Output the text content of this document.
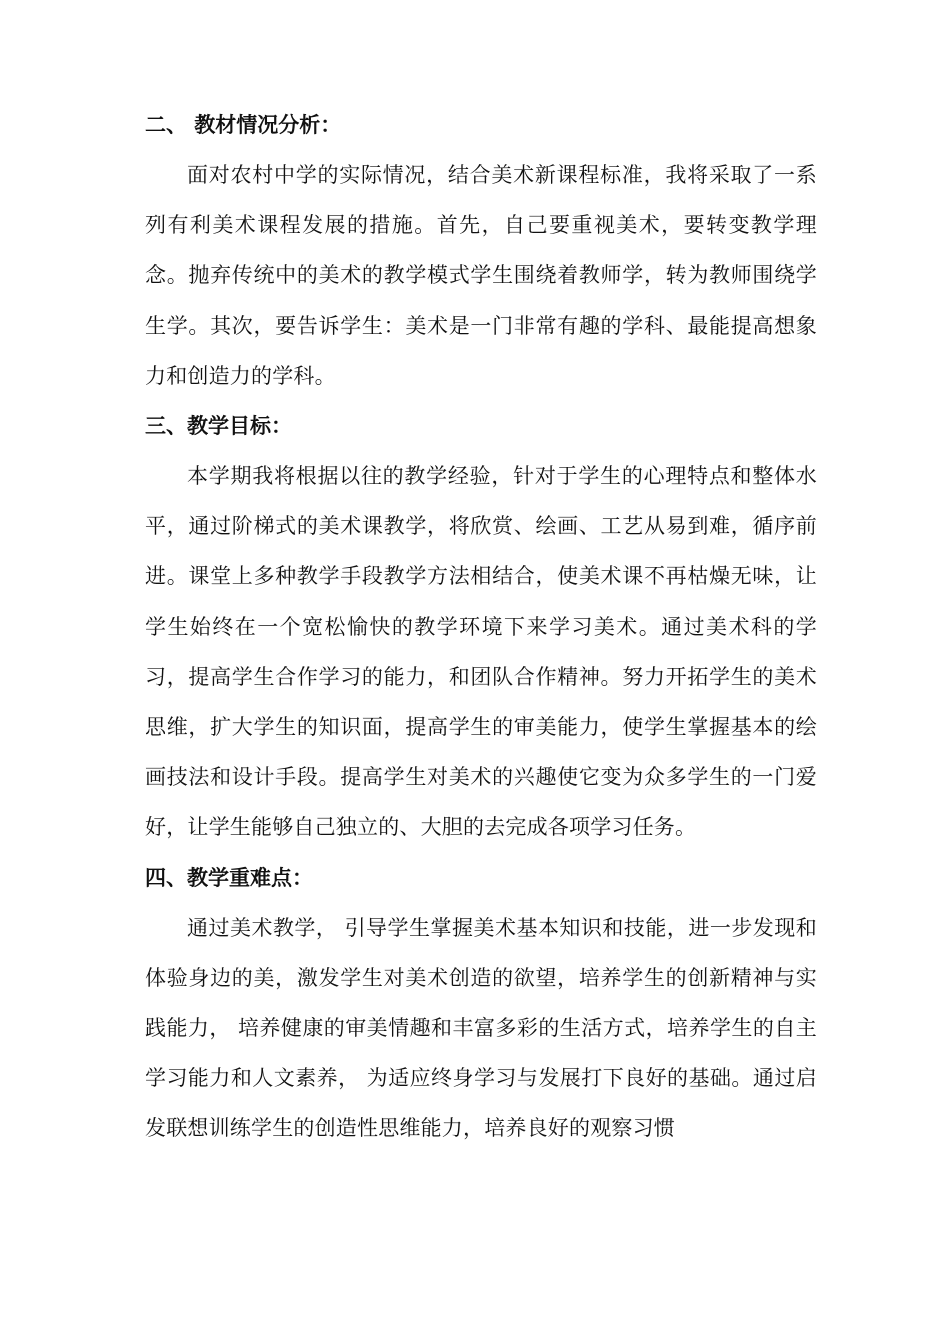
二、 教材情况分析：

面对农村中学的实际情况，结合美术新课程标准，我将采取了一系列有利美术课程发展的措施。首先，自己要重视美术，要转变教学理念。抛弃传统中的美术的教学模式学生围绕着教师学，转为教师围绕学生学。其次，要告诉学生：美术是一门非常有趣的学科、最能提高想象力和创造力的学科。

三、教学目标：

本学期我将根据以往的教学经验，针对于学生的心理特点和整体水平，通过阶梯式的美术课教学，将欣赏、绘画、工艺从易到难，循序前进。课堂上多种教学手段教学方法相结合，使美术课不再枯燥无味，让学生始终在一个宽松愉快的教学环境下来学习美术。通过美术科的学习，提高学生合作学习的能力，和团队合作精神。努力开拓学生的美术思维，扩大学生的知识面，提高学生的审美能力，使学生掌握基本的绘画技法和设计手段。提高学生对美术的兴趣使它变为众多学生的一门爱好，让学生能够自己独立的、大胆的去完成各项学习任务。

四、教学重难点：

通过美术教学， 引导学生掌握美术基本知识和技能，进一步发现和体验身边的美，激发学生对美术创造的欲望，培养学生的创新精神与实践能力， 培养健康的审美情趣和丰富多彩的生活方式，培养学生的自主学习能力和人文素养， 为适应终身学习与发展打下良好的基础。通过启发联想训练学生的创造性思维能力，培养良好的观察习惯
